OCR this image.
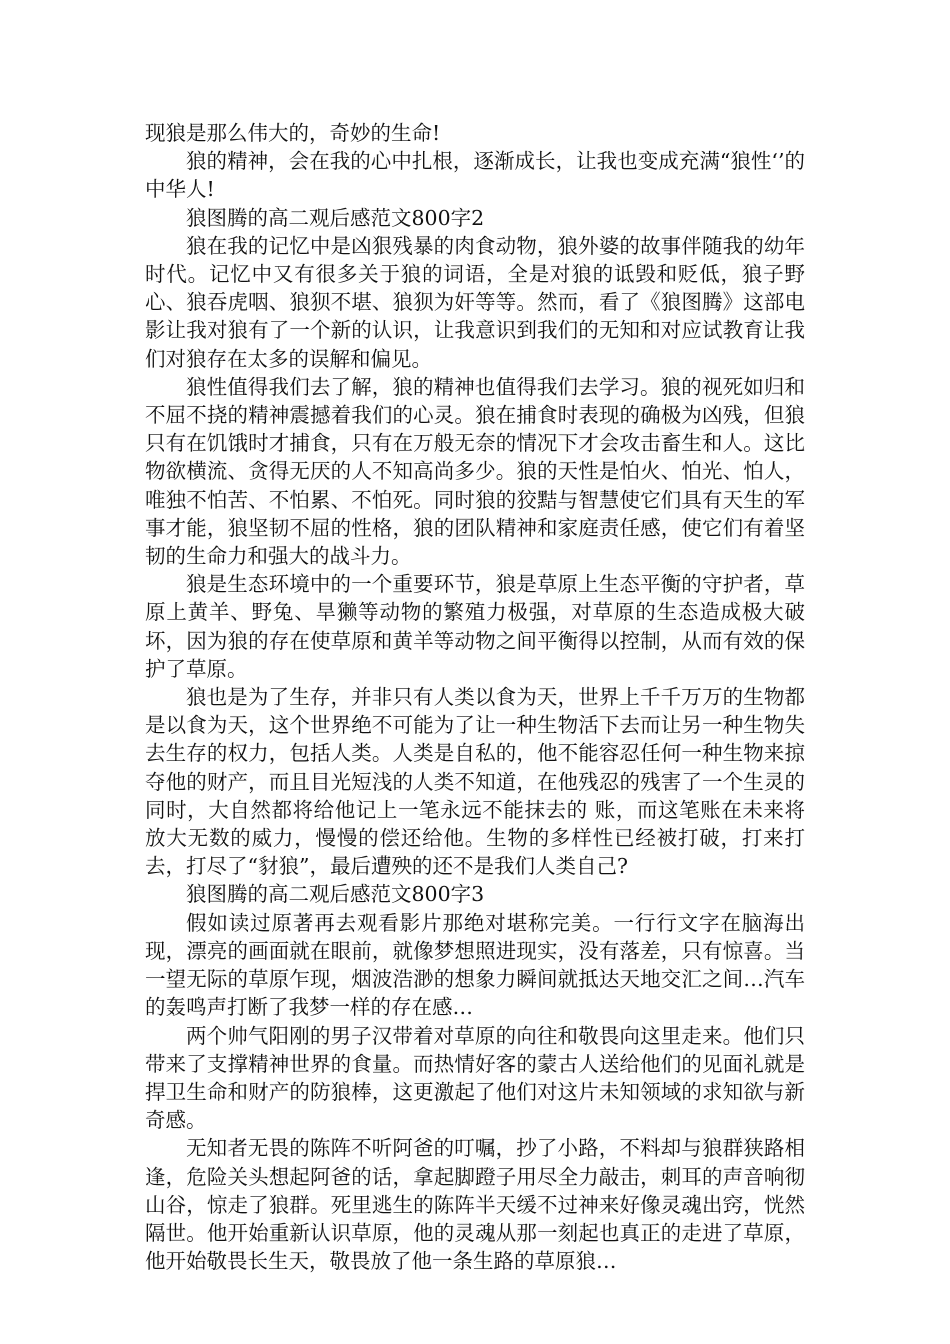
现狼是那么伟大的，奇妙的生命!

狼的精神，会在我的心中扎根，逐渐成长，让我也变成充满“狼性‘’的中华人!

狼图腾的高二观后感范文800字2

狼在我的记忆中是凶狠残暴的肉食动物，狼外婆的故事伴随我的幼年时代。记忆中又有很多关于狼的词语，全是对狼的诋毁和贬低，狼子野心、狼吞虎咽、狼狈不堪、狼狈为奸等等。然而，看了《狼图腾》这部电影让我对狼有了一个新的认识，让我意识到我们的无知和对应试教育让我们对狼存在太多的误解和偏见。

狼性值得我们去了解，狼的精神也值得我们去学习。狼的视死如归和不屈不挠的精神震撼着我们的心灵。狼在捕食时表现的确极为凶残，但狼只有在饥饿时才捕食，只有在万般无奈的情况下才会攻击畜生和人。这比物欲横流、贪得无厌的人不知高尚多少。狼的天性是怕火、怕光、怕人，唯独不怕苦、不怕累、不怕死。同时狼的狡黠与智慧使它们具有天生的军事才能，狼坚韧不屈的性格，狼的团队精神和家庭责任感，使它们有着坚韧的生命力和强大的战斗力。

狼是生态环境中的一个重要环节，狼是草原上生态平衡的守护者，草原上黄羊、野兔、旱獭等动物的繁殖力极强，对草原的生态造成极大破坏，因为狼的存在使草原和黄羊等动物之间平衡得以控制，从而有效的保护了草原。

狼也是为了生存，并非只有人类以食为天，世界上千千万万的生物都是以食为天，这个世界绝不可能为了让一种生物活下去而让另一种生物失去生存的权力，包括人类。人类是自私的，他不能容忍任何一种生物来掠夺他的财产，而且目光短浅的人类不知道，在他残忍的残害了一个生灵的同时，大自然都将给他记上一笔永远不能抹去的 账，而这笔账在未来将放大无数的威力，慢慢的偿还给他。生物的多样性已经被打破，打来打去，打尽了“豺狼”，最后遭殃的还不是我们人类自己?

狼图腾的高二观后感范文800字3

假如读过原著再去观看影片那绝对堪称完美。一行行文字在脑海出现，漂亮的画面就在眼前，就像梦想照进现实，没有落差，只有惊喜。当一望无际的草原乍现，烟波浩渺的想象力瞬间就抵达天地交汇之间…汽车的轰鸣声打断了我梦一样的存在感…

两个帅气阳刚的男子汉带着对草原的向往和敬畏向这里走来。他们只带来了支撑精神世界的食量。而热情好客的蒙古人送给他们的见面礼就是捍卫生命和财产的防狼棒，这更激起了他们对这片未知领域的求知欲与新奇感。

无知者无畏的陈阵不听阿爸的叮嘱，抄了小路，不料却与狼群狭路相逢，危险关头想起阿爸的话，拿起脚蹬子用尽全力敲击，刺耳的声音响彻山谷，惊走了狼群。死里逃生的陈阵半天缓不过神来好像灵魂出窍，恍然隔世。他开始重新认识草原，他的灵魂从那一刻起也真正的走进了草原，他开始敬畏长生天，敬畏放了他一条生路的草原狼…
